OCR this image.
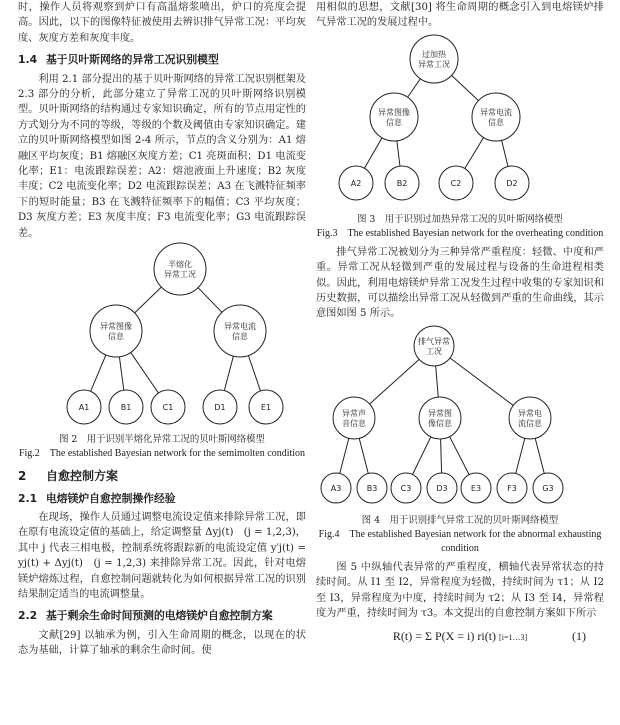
时，操作人员将观察到炉口有高温熔浆喷出，炉口的亮度会提高。因此，以下的图像特征被使用去辨识排气异常工况：平均灰度、灰度方差和灰度丰度。

1.4 基于贝叶斯网络的异常工况识别模型

利用 2.1 部分提出的基于贝叶斯网络的异常工况识别框架及 2.3 部分的分析，此部分建立了异常工况的贝叶斯网络识别模型。贝叶斯网络的结构通过专家知识确定，所有的节点用定性的方式划分为不同的等级，等级的个数及阈值由专家知识确定。建立的贝叶斯网络模型如图 2-4 所示，节点的含义分别为：A1 熔融区平均灰度；B1 熔融区灰度方差；C1 亮斑面积；D1 电流变化率；E1：电流跟踪误差；A2：熔池液面上升速度；B2 灰度丰度；C2 电流变化率；D2 电流跟踪误差；A3 在飞溅特征频率下的短时能量；B3 在飞溅特征频率下的幅值；C3 平均灰度；D3 灰度方差；E3 灰度丰度；F3 电流变化率；G3 电流跟踪误差。

半熔化
异常工况
异常图像
信息
异常电流
信息
A1	B1	C1	D1	E1
图 2　用于识别半熔化异常工况的贝叶斯网络模型
Fig.2　The established Bayesian network for the semimolten condition
2 自愈控制方案
2.1 电熔镁炉自愈控制操作经验

在现场，操作人员通过调整电流设定值来排除异常工况，即在原有电流设定值的基础上，给定调整量 Δyj(t)　(j = 1,2,3)，其中 j 代表三相电极，控制系统将跟踪新的电流设定值 y′j(t) = yj(t) + Δyj(t)　(j = 1,2,3) 来排除异常工况。因此，针对电熔镁炉熔炼过程，自愈控制问题就转化为如何根据异常工况的识别结果制定适当的电流调整量。

2.2 基于剩余生命时间预测的电熔镁炉自愈控制方案

文献[29] 以轴承为例，引入生命周期的概念，以现在的状态为基础，计算了轴承的剩余生命时间。使

用相似的思想，文献[30] 将生命周期的概念引入到电熔镁炉排气异常工况的发展过程中。

过加热
异常工况
异常图像
信息
异常电流
信息
A2	B2	C2	D2
图 3　用于识别过加热异常工况的贝叶斯网络模型
Fig.3　The established Bayesian network for the overheating condition

排气异常工况被划分为三种异常严重程度：轻微、中度和严重。异常工况从轻微到严重的发展过程与设备的生命进程相类似。因此，利用电熔镁炉异常工况发生过程中收集的专家知识和历史数据，可以描绘出异常工况从轻微到严重的生命曲线，其示意图如图 5 所示。

排气异常
工况
异常声
音信息
异常图
像信息
异常电
流信息
A3	B3	C3	D3	E3	F3	G3
图 4　用于识别排气异常工况的贝叶斯网络模型
Fig.4　The established Bayesian network for the abnormal exhausting condition

图 5 中纵轴代表异常的严重程度，横轴代表异常状态的持续时间。从 I1 至 I2，异常程度为轻微，持续时间为 τ1；从 I2 至 I3，异常程度为中度，持续时间为 τ2；从 I3 至 I4，异常程度为严重，持续时间为 τ3。本文提出的自愈控制方案如下所示

R(t) = Σ P(X = i) ri(t) [i=1…3]	(1)
